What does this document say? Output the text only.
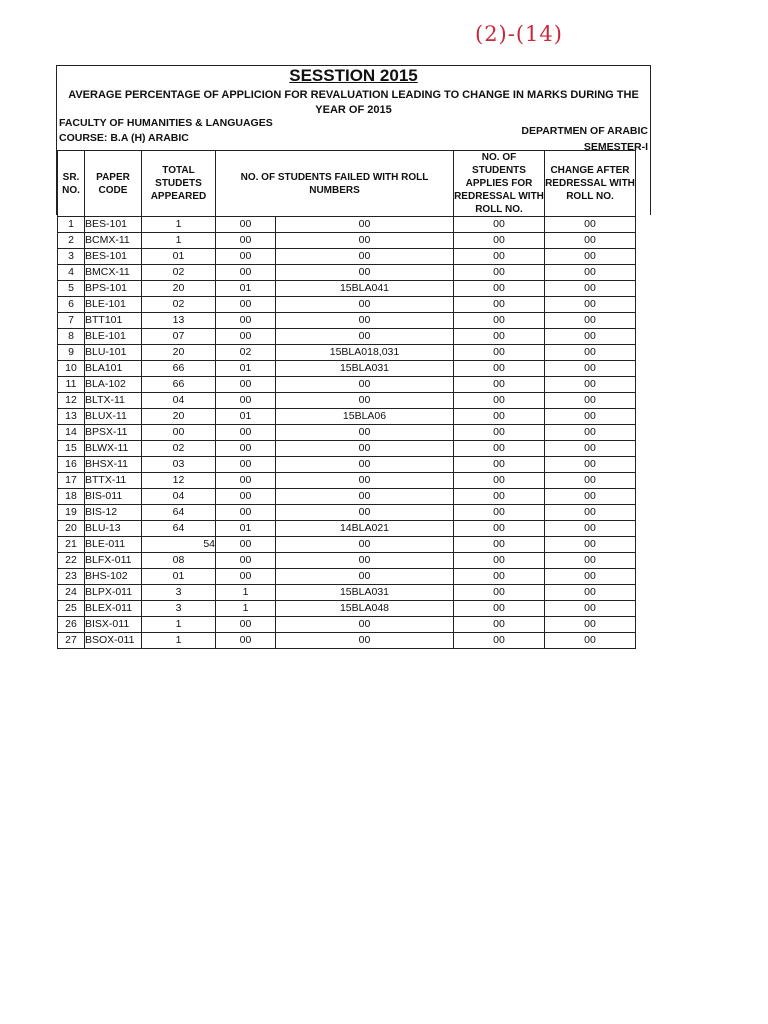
(2)-(14)
SESSTION 2015
AVERAGE PERCENTAGE OF APPLICION FOR REVALUATION LEADING TO CHANGE IN MARKS DURING THE YEAR OF 2015
FACULTY OF HUMANITIES & LANGUAGES
COURSE: B.A (H) ARABIC
DEPARTMEN OF ARABIC
SEMESTER-I
SR. NO.	PAPER CODE	TOTAL STUDETS APPEARED	NO. OF STUDENTS FAILED WITH ROLL NUMBERS		NO. OF STUDENTS APPLIES FOR REDRESSAL WITH ROLL NO.	CHANGE AFTER REDRESSAL WITH ROLL NO.
1	BES-101	1	00	00	00	00
2	BCMX-11	1	00	00	00	00
3	BES-101	01	00	00	00	00
4	BMCX-11	02	00	00	00	00
5	BPS-101	20	01	15BLA041	00	00
6	BLE-101	02	00	00	00	00
7	BTT101	13	00	00	00	00
8	BLE-101	07	00	00	00	00
9	BLU-101	20	02	15BLA018,031	00	00
10	BLA101	66	01	15BLA031	00	00
11	BLA-102	66	00	00	00	00
12	BLTX-11	04	00	00	00	00
13	BLUX-11	20	01	15BLA06	00	00
14	BPSX-11	00	00	00	00	00
15	BLWX-11	02	00	00	00	00
16	BHSX-11	03	00	00	00	00
17	BTTX-11	12	00	00	00	00
18	BIS-011	04	00	00	00	00
19	BIS-12	64	00	00	00	00
20	BLU-13	64	01	14BLA021	00	00
21	BLE-011	54	00	00	00	00
22	BLFX-011	08	00	00	00	00
23	BHS-102	01	00	00	00	00
24	BLPX-011	3	1	15BLA031	00	00
25	BLEX-011	3	1	15BLA048	00	00
26	BISX-011	1	00	00	00	00
27	BSOX-011	1	00	00	00	00
